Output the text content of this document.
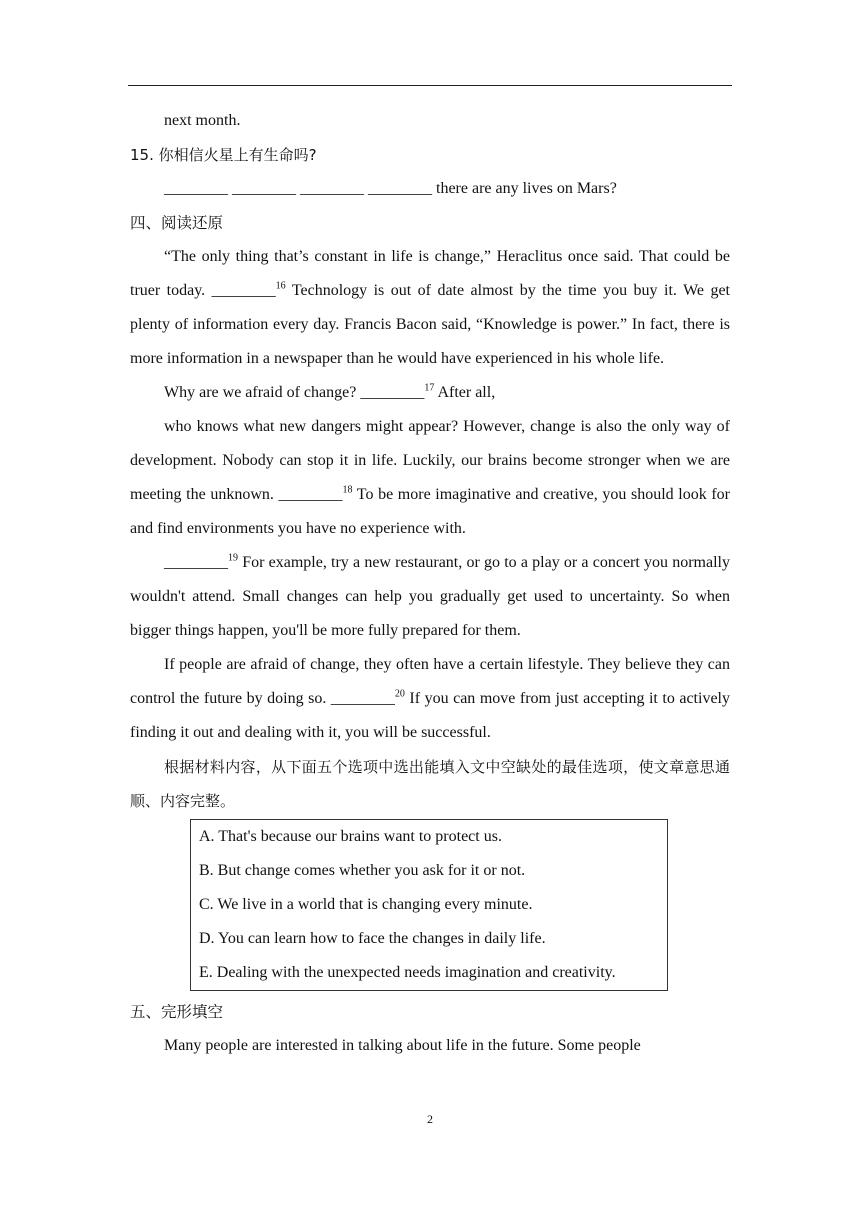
next month.

15. 你相信火星上有生命吗?

________ ________ ________ ________ there are any lives on Mars?

四、阅读还原

“The only thing that’s constant in life is change,” Heraclitus once said. That could be truer today. ________$^{16}$ Technology is out of date almost by the time you buy it. We get plenty of information every day. Francis Bacon said, “Knowledge is power.” In fact, there is more information in a newspaper than he would have experienced in his whole life.

Why are we afraid of change? ________$^{17}$ After all,

who knows what new dangers might appear? However, change is also the only way of development. Nobody can stop it in life. Luckily, our brains become stronger when we are meeting the unknown. ________$^{18}$ To be more imaginative and creative, you should look for and find environments you have no experience with.

________$^{19}$ For example, try a new restaurant, or go to a play or a concert you normally wouldn't attend. Small changes can help you gradually get used to uncertainty. So when bigger things happen, you'll be more fully prepared for them.

If people are afraid of change, they often have a certain lifestyle. They believe they can control the future by doing so. ________$^{20}$ If you can move from just accepting it to actively finding it out and dealing with it, you will be successful.

根据材料内容，从下面五个选项中选出能填入文中空缺处的最佳选项，使文章意思通顺、内容完整。

A. That's because our brains want to protect us.
B. But change comes whether you ask for it or not.
C. We live in a world that is changing every minute.
D. You can learn how to face the changes in daily life.
E. Dealing with the unexpected needs imagination and creativity.

五、完形填空

Many people are interested in talking about life in the future. Some people

2
